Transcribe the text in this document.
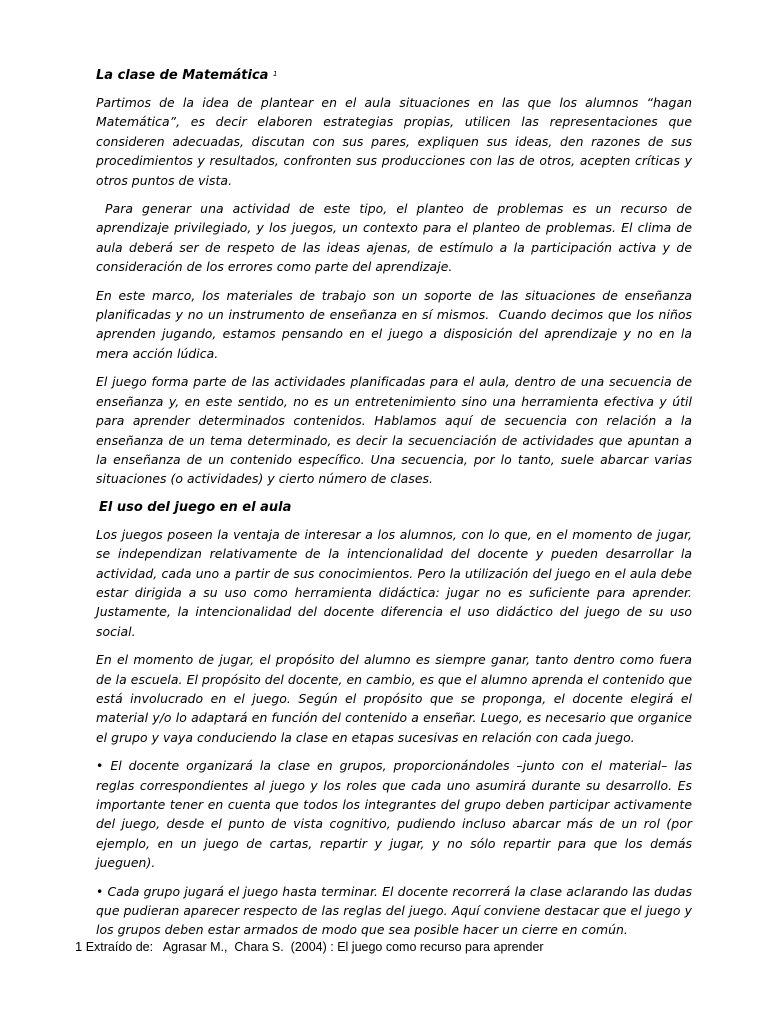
La clase de Matemática $^1$

Partimos de la idea de plantear en el aula situaciones en las que los alumnos “hagan Matemática”, es decir elaboren estrategias propias, utilicen las representaciones que consideren adecuadas, discutan con sus pares, expliquen sus ideas, den razones de sus procedimientos y resultados, confronten sus producciones con las de otros, acepten críticas y otros puntos de vista.

Para generar una actividad de este tipo, el planteo de problemas es un recurso de aprendizaje privilegiado, y los juegos, un contexto para el planteo de problemas. El clima de aula deberá ser de respeto de las ideas ajenas, de estímulo a la participación activa y de consideración de los errores como parte del aprendizaje.

En este marco, los materiales de trabajo son un soporte de las situaciones de enseñanza planificadas y no un instrumento de enseñanza en sí mismos.  Cuando decimos que los niños aprenden jugando, estamos pensando en el juego a disposición del aprendizaje y no en la mera acción lúdica.

El juego forma parte de las actividades planificadas para el aula, dentro de una secuencia de enseñanza y, en este sentido, no es un entretenimiento sino una herramienta efectiva y útil para aprender determinados contenidos. Hablamos aquí de secuencia con relación a la enseñanza de un tema determinado, es decir la secuenciación de actividades que apuntan a la enseñanza de un contenido específico. Una secuencia, por lo tanto, suele abarcar varias situaciones (o actividades) y cierto número de clases.

El uso del juego en el aula

Los juegos poseen la ventaja de interesar a los alumnos, con lo que, en el momento de jugar, se independizan relativamente de la intencionalidad del docente y pueden desarrollar la actividad, cada uno a partir de sus conocimientos. Pero la utilización del juego en el aula debe estar dirigida a su uso como herramienta didáctica: jugar no es suficiente para aprender. Justamente, la intencionalidad del docente diferencia el uso didáctico del juego de su uso social.

En el momento de jugar, el propósito del alumno es siempre ganar, tanto dentro como fuera de la escuela. El propósito del docente, en cambio, es que el alumno aprenda el contenido que está involucrado en el juego. Según el propósito que se proponga, el docente elegirá el material y/o lo adaptará en función del contenido a enseñar. Luego, es necesario que organice el grupo y vaya conduciendo la clase en etapas sucesivas en relación con cada juego.

• El docente organizará la clase en grupos, proporcionándoles –junto con el material– las reglas correspondientes al juego y los roles que cada uno asumirá durante su desarrollo. Es importante tener en cuenta que todos los integrantes del grupo deben participar activamente del juego, desde el punto de vista cognitivo, pudiendo incluso abarcar más de un rol (por ejemplo, en un juego de cartas, repartir y jugar, y no sólo repartir para que los demás jueguen).

• Cada grupo jugará el juego hasta terminar. El docente recorrerá la clase aclarando las dudas que pudieran aparecer respecto de las reglas del juego. Aquí conviene destacar que el juego y los grupos deben estar armados de modo que sea posible hacer un cierre en común.

1 Extraído de:   Agrasar M.,  Chara S.  (2004) : El juego como recurso para aprender
